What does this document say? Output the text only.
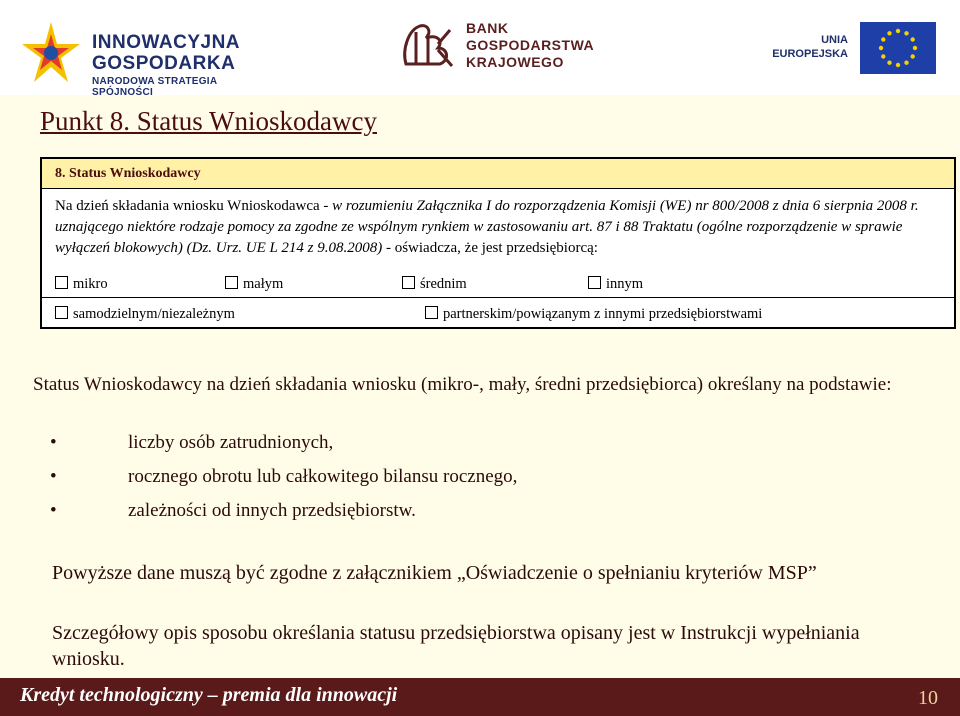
INNOWACYJNA
GOSPODARKA
NARODOWA STRATEGIA SPÓJNOŚCI
BANK
GOSPODARSTWA
KRAJOWEGO
UNIA
EUROPEJSKA
Punkt 8. Status Wnioskodawcy
8. Status Wnioskodawcy
Na dzień składania wniosku Wnioskodawca - w rozumieniu Załącznika I do rozporządzenia Komisji (WE) nr 800/2008 z dnia 6 sierpnia 2008 r. uznającego niektóre rodzaje pomocy za zgodne ze wspólnym rynkiem w zastosowaniu art. 87 i 88 Traktatu (ogólne rozporządzenie w sprawie wyłączeń blokowych) (Dz. Urz. UE L 214 z 9.08.2008) - oświadcza, że jest przedsiębiorcą:
mikro	małym	średnim	innym
samodzielnym/niezależnym	partnerskim/powiązanym z innymi przedsiębiorstwami
Status Wnioskodawcy na dzień składania wniosku (mikro-, mały, średni przedsiębiorca) określany na podstawie:
•	liczby osób zatrudnionych,
•	rocznego obrotu lub całkowitego bilansu rocznego,
•	zależności od innych przedsiębiorstw.
Powyższe dane muszą być zgodne z załącznikiem „Oświadczenie o spełnianiu kryteriów MSP”
Szczegółowy opis sposobu określania statusu przedsiębiorstwa opisany jest w Instrukcji wypełniania wniosku.
Kredyt technologiczny – premia dla innowacji	10
